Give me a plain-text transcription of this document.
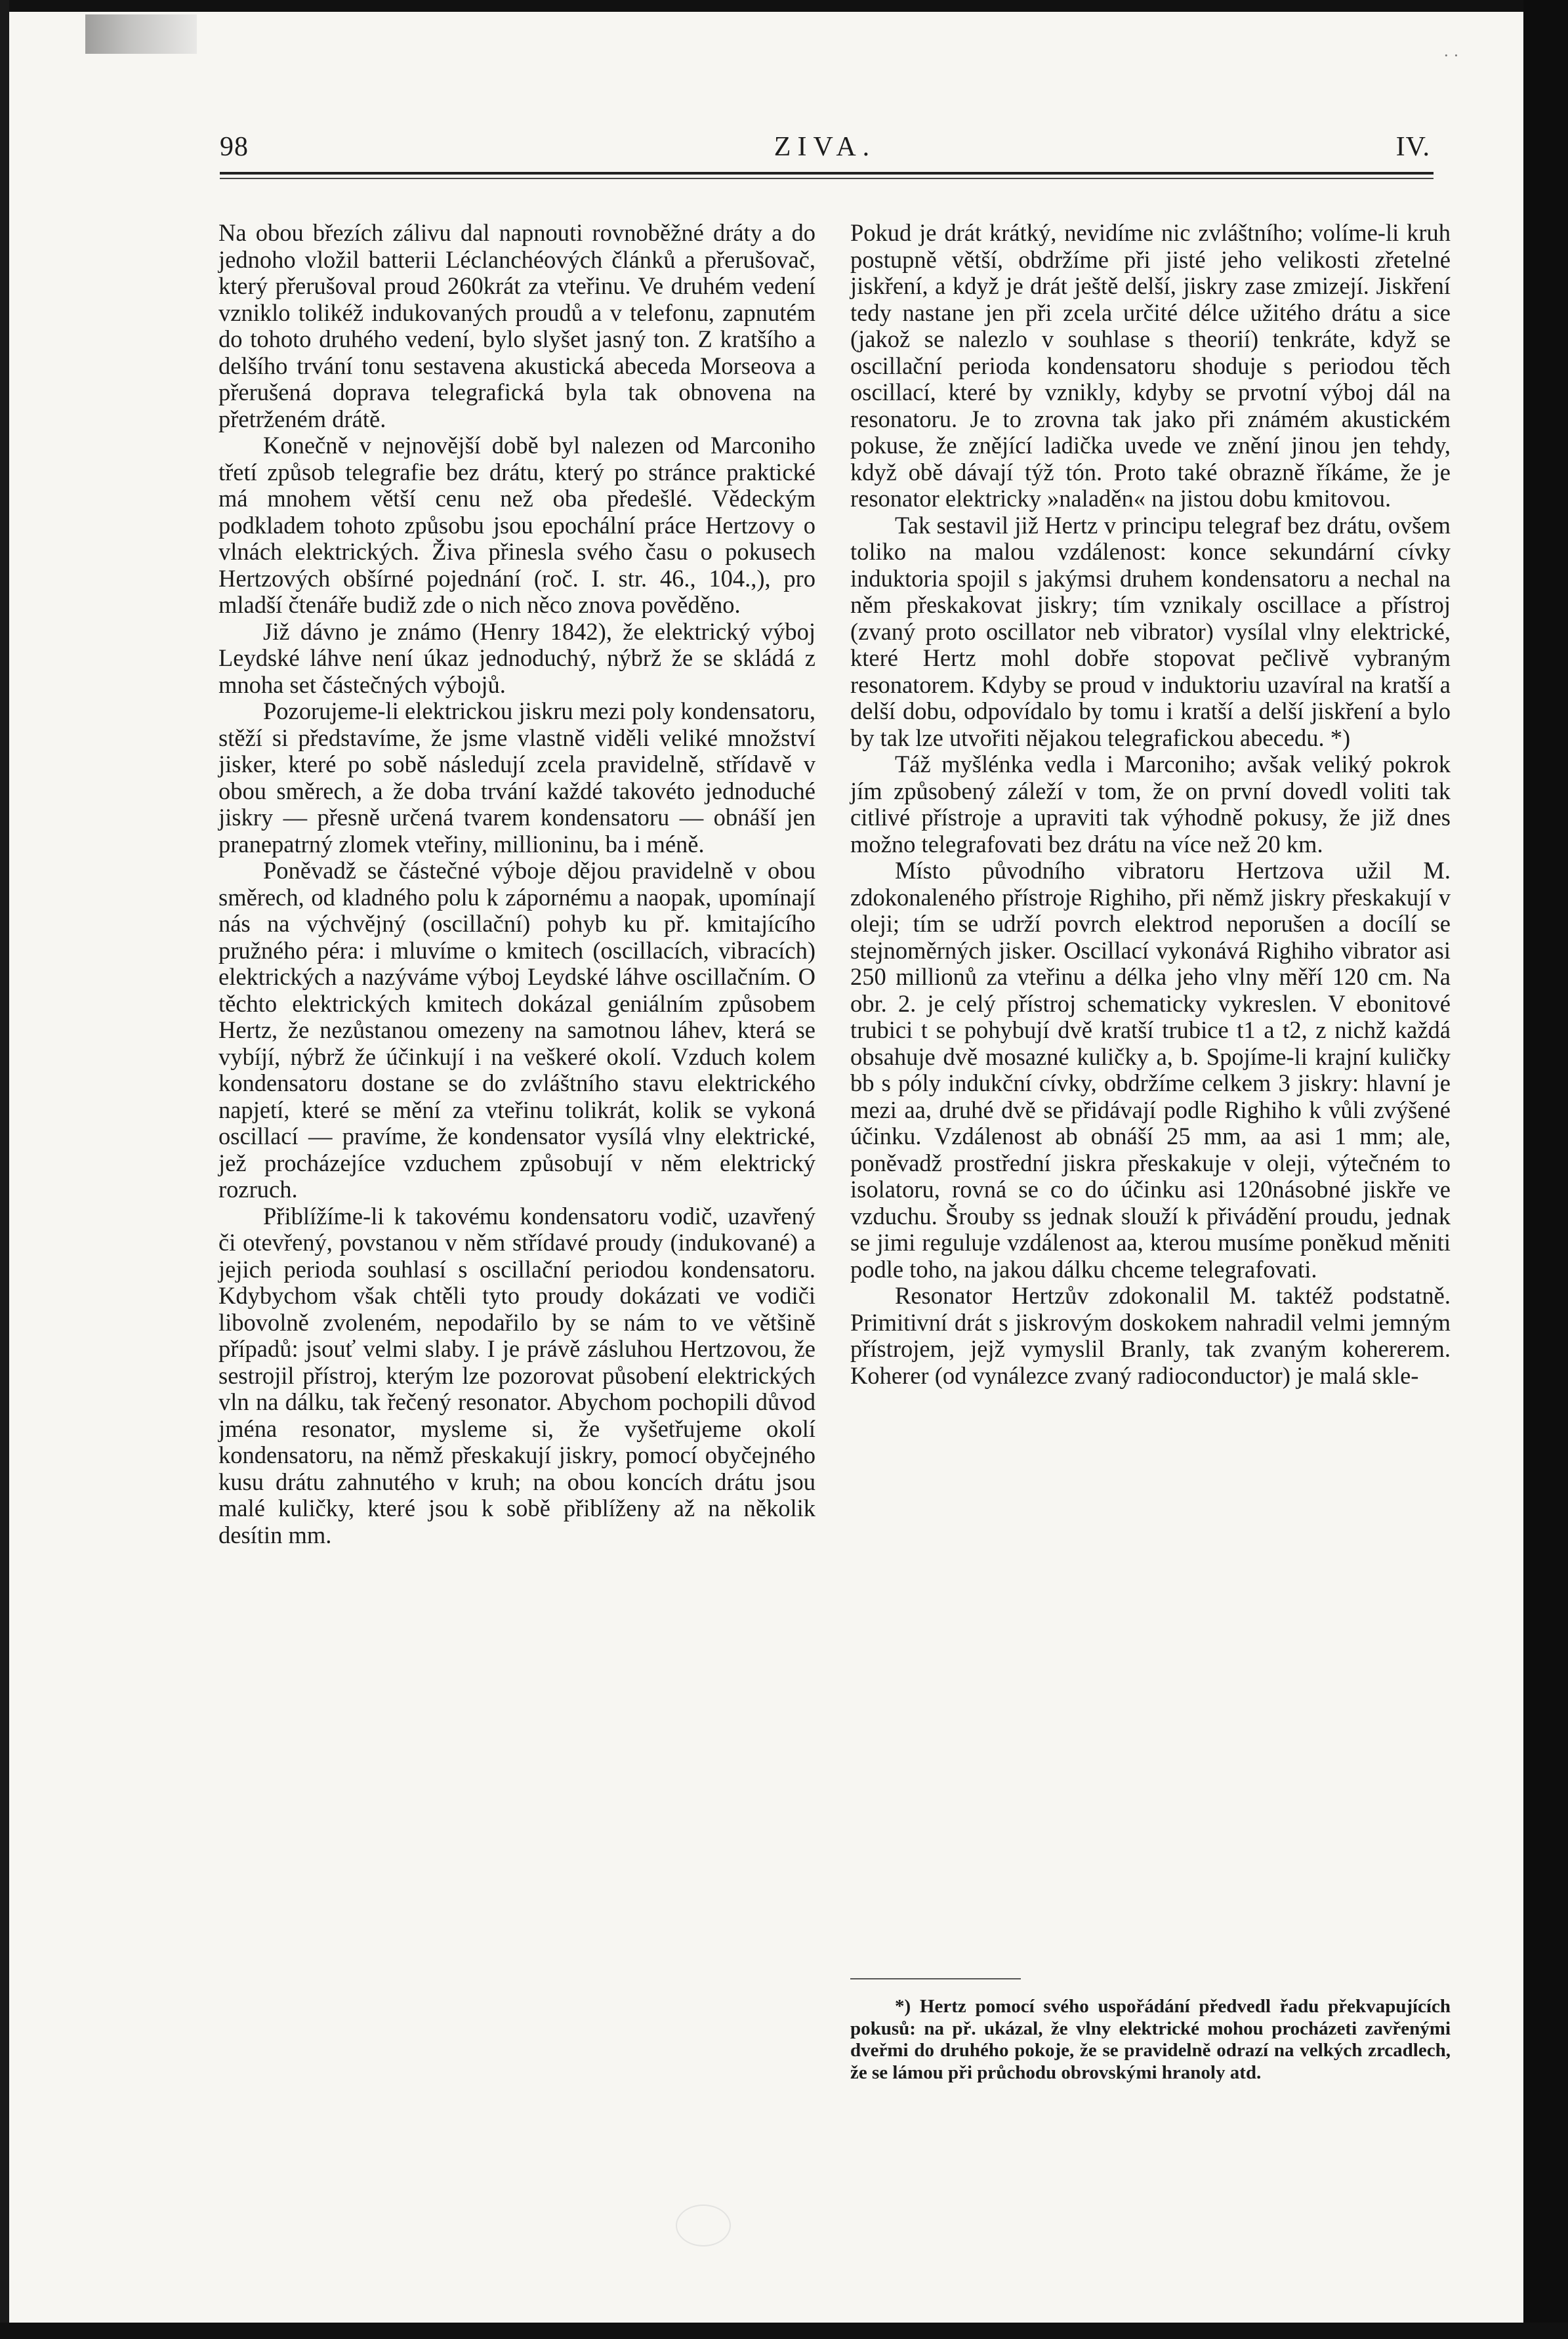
· ·
98	ZIVA.	IV.

Na obou březích zálivu dal napnouti rovnoběžné dráty a do jednoho vložil batterii Léclanchéových článků a přerušovač, který přerušoval proud 260krát za vteřinu. Ve druhém vedení vzniklo tolikéž indukovaných proudů a v telefonu, zapnutém do tohoto druhého vedení, bylo slyšet jasný ton. Z kratšího a delšího trvání tonu sestavena akustická abeceda Morseova a přerušená doprava telegrafická byla tak obnovena na přetrženém drátě.

Konečně v nejnovější době byl nalezen od Marconiho třetí způsob telegrafie bez drátu, který po stránce praktické má mnohem větší cenu než oba předešlé. Vědeckým podkladem tohoto způsobu jsou epochální práce Hertzovy o vlnách elektrických. Živa přinesla svého času o pokusech Hertzových obšírné pojednání (roč. I. str. 46., 104.,), pro mladší čtenáře budiž zde o nich něco znova pověděno.

Již dávno je známo (Henry 1842), že elektrický výboj Leydské láhve není úkaz jednoduchý, nýbrž že se skládá z mnoha set částečných výbojů.

Pozorujeme-li elektrickou jiskru mezi poly kondensatoru, stěží si představíme, že jsme vlastně viděli veliké množství jisker, které po sobě následují zcela pravidelně, střídavě v obou směrech, a že doba trvání každé takovéto jednoduché jiskry — přesně určená tvarem kondensatoru — obnáší jen pranepatrný zlomek vteřiny, millioninu, ba i méně.

Poněvadž se částečné výboje dějou pravidelně v obou směrech, od kladného polu k zápornému a naopak, upomínají nás na výchvějný (oscillační) pohyb ku př. kmitajícího pružného péra: i mluvíme o kmitech (oscillacích, vibracích) elektrických a nazýváme výboj Leydské láhve oscillačním. O těchto elektrických kmitech dokázal geniálním způsobem Hertz, že nezůstanou omezeny na samotnou láhev, která se vybíjí, nýbrž že účinkují i na veškeré okolí. Vzduch kolem kondensatoru dostane se do zvláštního stavu elektrického napjetí, které se mění za vteřinu tolikrát, kolik se vykoná oscillací — pravíme, že kondensator vysílá vlny elektrické, jež procházejíce vzduchem způsobují v něm elektrický rozruch.

Přiblížíme-li k takovému kondensatoru vodič, uzavřený či otevřený, povstanou v něm střídavé proudy (indukované) a jejich perioda souhlasí s oscillační periodou kondensatoru. Kdybychom však chtěli tyto proudy dokázati ve vodiči libovolně zvoleném, nepodařilo by se nám to ve většině případů: jsouť velmi slaby. I je právě zásluhou Hertzovou, že sestrojil přístroj, kterým lze pozorovat působení elektrických vln na dálku, tak řečený resonator. Abychom pochopili důvod jména resonator, mysleme si, že vyšetřujeme okolí kondensatoru, na němž přeskakují jiskry, pomocí obyčejného kusu drátu zahnutého v kruh; na obou koncích drátu jsou malé kuličky, které jsou k sobě přiblíženy až na několik desítin mm.

Pokud je drát krátký, nevidíme nic zvláštního; volíme-li kruh postupně větší, obdržíme při jisté jeho velikosti zřetelné jiskření, a když je drát ještě delší, jiskry zase zmizejí. Jiskření tedy nastane jen při zcela určité délce užitého drátu a sice (jakož se nalezlo v souhlase s theorií) tenkráte, když se oscillační perioda kondensatoru shoduje s periodou těch oscillací, které by vznikly, kdyby se prvotní výboj dál na resonatoru. Je to zrovna tak jako při známém akustickém pokuse, že znějící ladička uvede ve znění jinou jen tehdy, když obě dávají týž tón. Proto také obrazně říkáme, že je resonator elektricky »naladěn« na jistou dobu kmitovou.

Tak sestavil již Hertz v principu telegraf bez drátu, ovšem toliko na malou vzdálenost: konce sekundární cívky induktoria spojil s jakýmsi druhem kondensatoru a nechal na něm přeskakovat jiskry; tím vznikaly oscillace a přístroj (zvaný proto oscillator neb vibrator) vysílal vlny elektrické, které Hertz mohl dobře stopovat pečlivě vybraným resonatorem. Kdyby se proud v induktoriu uzavíral na kratší a delší dobu, odpovídalo by tomu i kratší a delší jiskření a bylo by tak lze utvořiti nějakou telegrafickou abecedu. *)

Táž myšlénka vedla i Marconiho; avšak veliký pokrok jím způsobený záleží v tom, že on první dovedl voliti tak citlivé přístroje a upraviti tak výhodně pokusy, že již dnes možno telegrafovati bez drátu na více než 20 km.

Místo původního vibratoru Hertzova užil M. zdokonaleného přístroje Righiho, při němž jiskry přeskakují v oleji; tím se udrží povrch elektrod neporušen a docílí se stejnoměrných jisker. Oscillací vykonává Righiho vibrator asi 250 millionů za vteřinu a délka jeho vlny měří 120 cm. Na obr. 2. je celý přístroj schematicky vykreslen. V ebonitové trubici t se pohybují dvě kratší trubice t1 a t2, z nichž každá obsahuje dvě mosazné kuličky a, b. Spojíme-li krajní kuličky bb s póly indukční cívky, obdržíme celkem 3 jiskry: hlavní je mezi aa, druhé dvě se přidávají podle Righiho k vůli zvýšené účinku. Vzdálenost ab obnáší 25 mm, aa asi 1 mm; ale, poněvadž prostřední jiskra přeskakuje v oleji, výtečném to isolatoru, rovná se co do účinku asi 120násobné jiskře ve vzduchu. Šrouby ss jednak slouží k přivádění proudu, jednak se jimi reguluje vzdálenost aa, kterou musíme poněkud měniti podle toho, na jakou dálku chceme telegrafovati.

Resonator Hertzův zdokonalil M. taktéž podstatně. Primitivní drát s jiskrovým doskokem nahradil velmi jemným přístrojem, jejž vymyslil Branly, tak zvaným kohererem. Koherer (od vynálezce zvaný radioconductor) je malá skle-

*) Hertz pomocí svého uspořádání předvedl řadu překvapujících pokusů: na př. ukázal, že vlny elektrické mohou procházeti zavřenými dveřmi do druhého pokoje, že se pravidelně odrazí na velkých zrcadlech, že se lámou při průchodu obrovskými hranoly atd.
